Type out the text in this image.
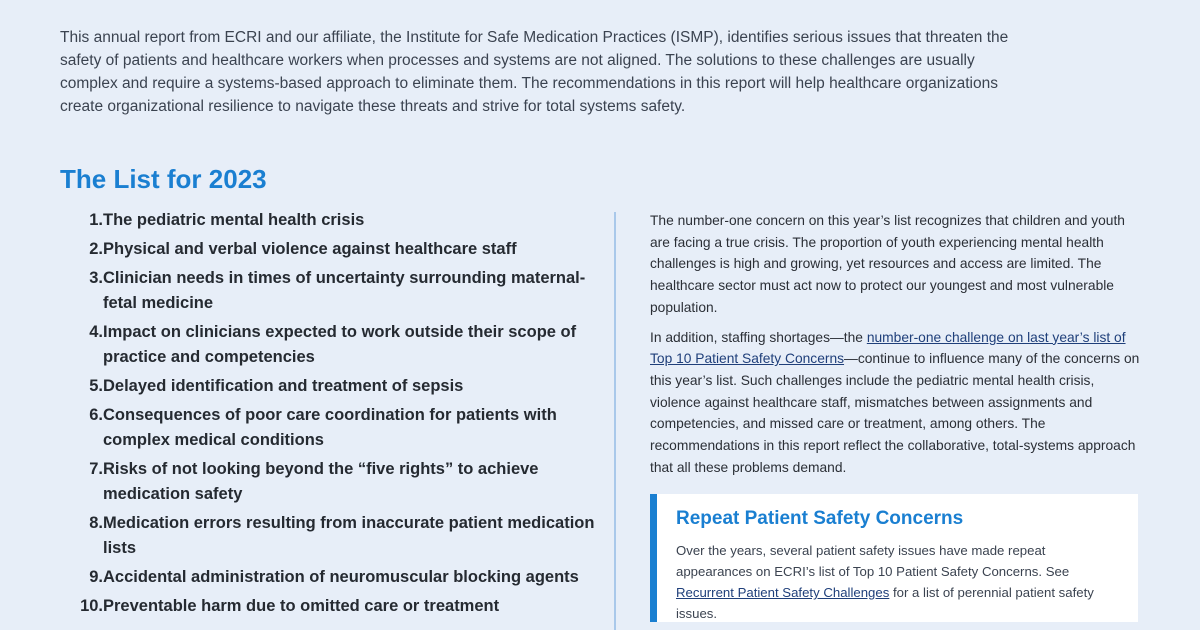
This annual report from ECRI and our affiliate, the Institute for Safe Medication Practices (ISMP), identifies serious issues that threaten the safety of patients and healthcare workers when processes and systems are not aligned. The solutions to these challenges are usually complex and require a systems-based approach to eliminate them. The recommendations in this report will help healthcare organizations create organizational resilience to navigate these threats and strive for total systems safety.

The List for 2023
1. The pediatric mental health crisis
2. Physical and verbal violence against healthcare staff
3. Clinician needs in times of uncertainty surrounding maternal-fetal medicine
4. Impact on clinicians expected to work outside their scope of practice and competencies
5. Delayed identification and treatment of sepsis
6. Consequences of poor care coordination for patients with complex medical conditions
7. Risks of not looking beyond the “five rights” to achieve medication safety
8. Medication errors resulting from inaccurate patient medication lists
9. Accidental administration of neuromuscular blocking agents
10. Preventable harm due to omitted care or treatment

The number-one concern on this year’s list recognizes that children and youth are facing a true crisis. The proportion of youth experiencing mental health challenges is high and growing, yet resources and access are limited. The healthcare sector must act now to protect our youngest and most vulnerable population.

In addition, staffing shortages—the number-one challenge on last year’s list of Top 10 Patient Safety Concerns—continue to influence many of the concerns on this year’s list. Such challenges include the pediatric mental health crisis, violence against healthcare staff, mismatches between assignments and competencies, and missed care or treatment, among others. The recommendations in this report reflect the collaborative, total-systems approach that all these problems demand.

Repeat Patient Safety Concerns

Over the years, several patient safety issues have made repeat appearances on ECRI’s list of Top 10 Patient Safety Concerns. See Recurrent Patient Safety Challenges for a list of perennial patient safety issues.
